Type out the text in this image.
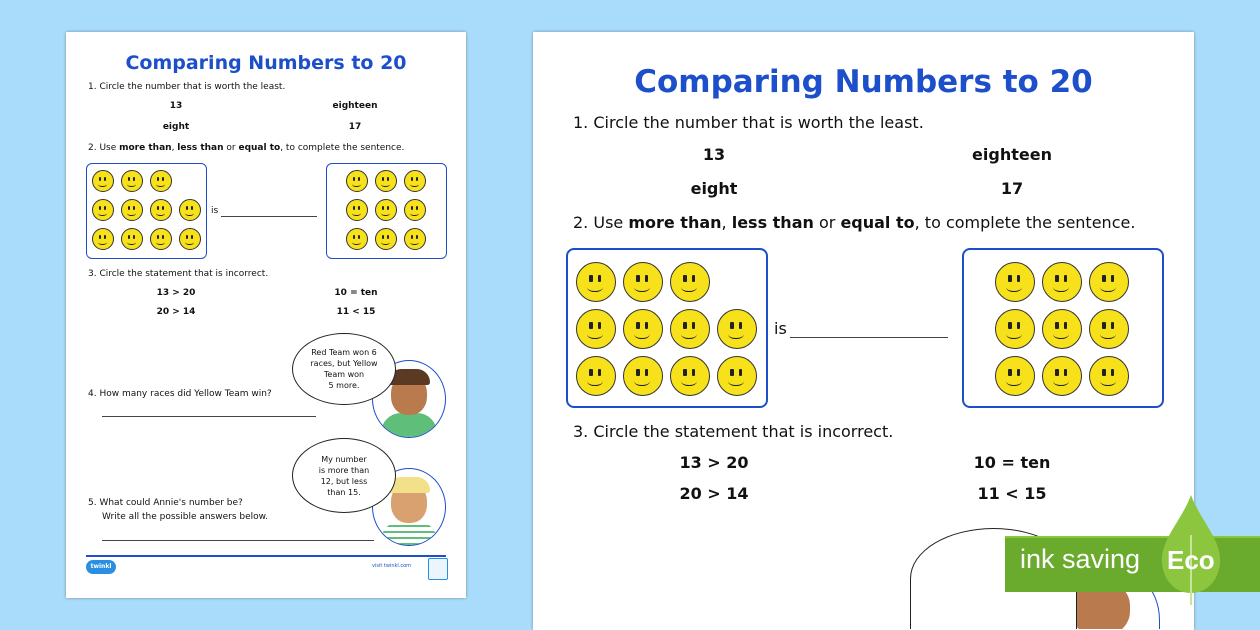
Comparing Numbers to 20
1. Circle the number that is worth the least.
13	eighteen
eight	17
2. Use more than, less than or equal to, to complete the sentence.
is
3. Circle the statement that is incorrect.
13 > 20	10 = ten
20 > 14	11 < 15
Red Team won 6
races, but Yellow
Team won
5 more.
4. How many races did Yellow Team win?
My number
is more than
12, but less
than 15.
5. What could Annie's number be?
Write all the possible answers below.
twinkl	visit twinkl.com
Comparing Numbers to 20
1. Circle the number that is worth the least.
13	eighteen
eight	17
2. Use more than, less than or equal to, to complete the sentence.
is
3. Circle the statement that is incorrect.
13 > 20	10 = ten
20 > 14	11 < 15
ink saving Eco
